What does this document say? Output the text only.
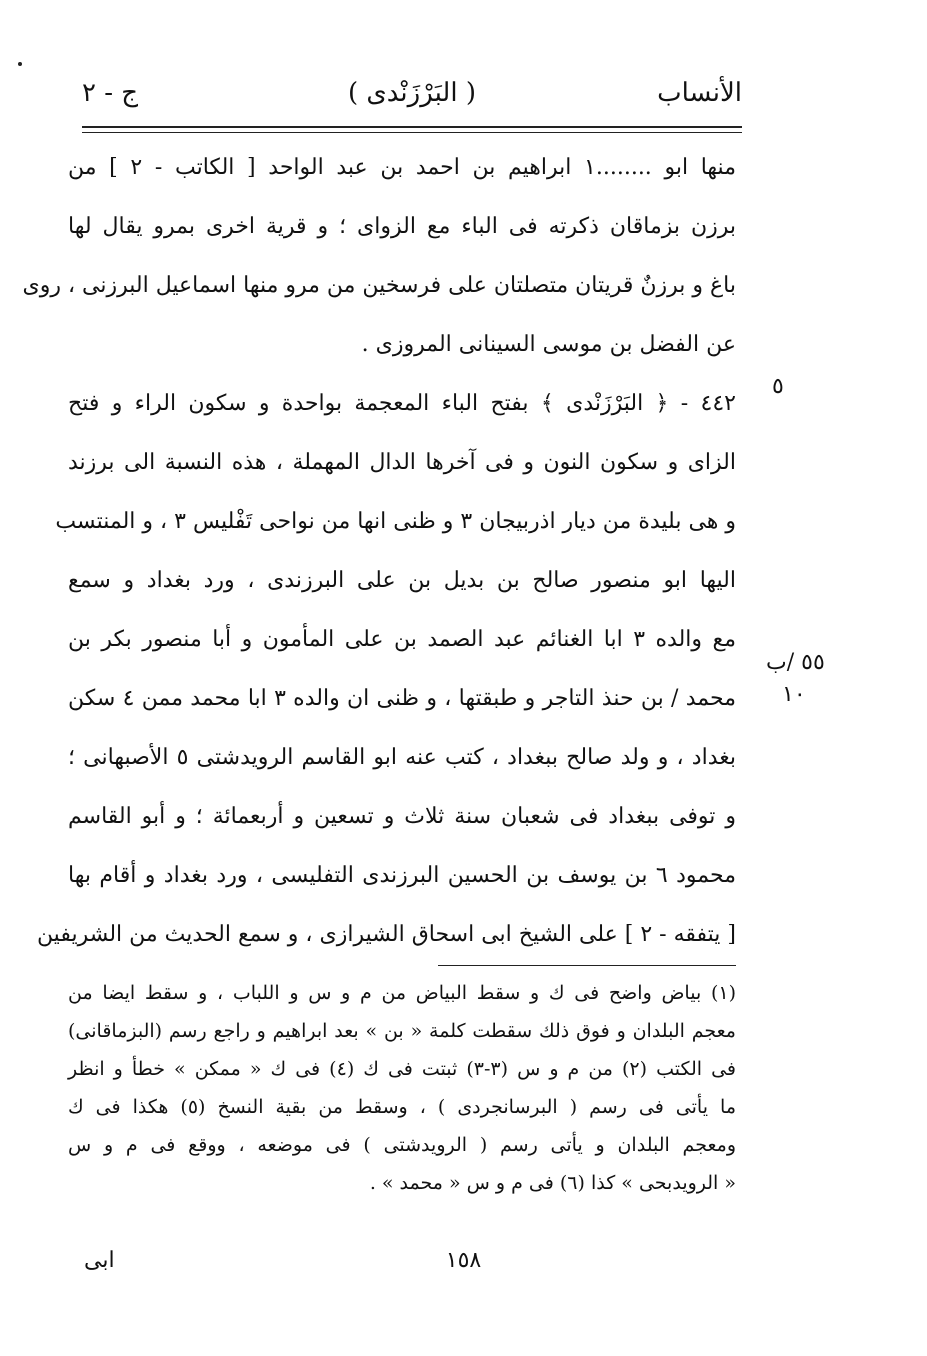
الأنساب
( البَرْزَنْدى )
ج - ٢
منها ابو ........١ ابراهيم بن احمد بن عبد الواحد [ الكاتب - ٢ ] من
برزن بزماقان ذكرته فى الباء مع الزواى ؛ و قرية اخرى بمرو يقال لها
باغ و برزنٌ قريتان متصلتان على فرسخين من مرو منها اسماعيل البرزنى ، روى
عن الفضل بن موسى السينانى المروزى .
٤٤٢ - ﴿ البَرْزَنْدى ﴾ بفتح الباء المعجمة بواحدة و سكون الراء و فتح
الزاى و سكون النون و فى آخرها الدال المهملة ، هذه النسبة الى برزند
و هى بليدة من ديار اذربيجان ٣ و ظنى انها من نواحى تَفْليس ٣ ، و المنتسب
اليها ابو منصور صالح بن بديل بن على البرزندى ، ورد بغداد و سمع
مع والده ٣ ابا الغنائم عبد الصمد بن على المأمون و أبا منصور بكر بن
محمد / بن حنذ التاجر و طبقتها ، و ظنى ان والده ٣ ابا محمد ممن ٤ سكن
بغداد ، و ولد صالح ببغداد ، كتب عنه ابو القاسم الرويدشتى ٥ الأصبهانى ؛
و توفى ببغداد فى شعبان سنة ثلاث و تسعين و أربعمائة ؛ و أبو القاسم
محمود ٦ بن يوسف بن الحسين البرزندى التفليسى ، ورد بغداد و أقام بها
[ يتفقه - ٢ ] على الشيخ ابى اسحاق الشيرازى ، و سمع الحديث من الشريفين
٥
٥٥ /ب
١٠
(١) بياض واضح فى ك و سقط البياض من م و س و اللباب ، و سقط ايضا من
معجم البلدان و فوق ذلك سقطت كلمة « بن » بعد ابراهيم و راجع رسم (البزماقانى)
فى الكتب (٢) من م و س (٣-٣) ثبتت فى ك (٤) فى ك « ممكن » خطأ و انظر
ما يأتى فى رسم ( البرسانجردى ) ، وسقط من بقية النسخ (٥) هكذا فى ك
ومعجم البلدان و يأتى رسم ( الرويدشتى ) فى موضعه ، ووقع فى م و س
« الرويدبحى » كذا (٦) فى م و س « محمد » .
١٥٨
ابى
